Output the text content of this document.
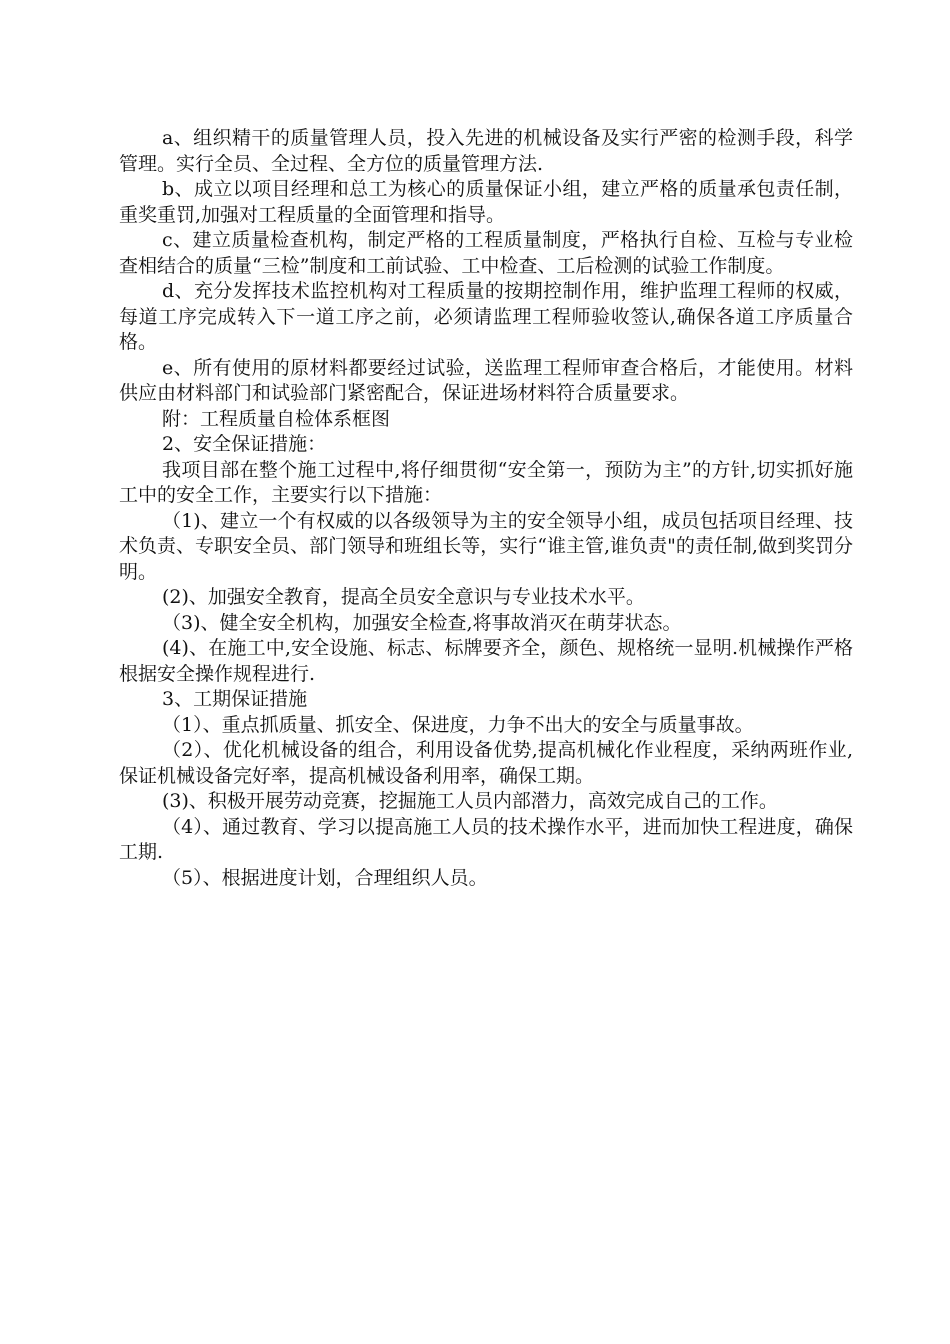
a、组织精干的质量管理人员，投入先进的机械设备及实行严密的检测手段，科学管理。实行全员、全过程、全方位的质量管理方法.

b、成立以项目经理和总工为核心的质量保证小组，建立严格的质量承包责任制，重奖重罚,加强对工程质量的全面管理和指导。

c、建立质量检查机构，制定严格的工程质量制度，严格执行自检、互检与专业检查相结合的质量“三检”制度和工前试验、工中检查、工后检测的试验工作制度。

d、充分发挥技术监控机构对工程质量的按期控制作用，维护监理工程师的权威，每道工序完成转入下一道工序之前，必须请监理工程师验收签认,确保各道工序质量合格。

e、所有使用的原材料都要经过试验，送监理工程师审查合格后，才能使用。材料供应由材料部门和试验部门紧密配合，保证进场材料符合质量要求。

附：工程质量自检体系框图

2、安全保证措施：

我项目部在整个施工过程中,将仔细贯彻“安全第一，预防为主”的方针,切实抓好施工中的安全工作，主要实行以下措施：

（1)、建立一个有权威的以各级领导为主的安全领导小组，成员包括项目经理、技术负责、专职安全员、部门领导和班组长等，实行“谁主管,谁负责"的责任制,做到奖罚分明。

(2)、加强安全教育，提高全员安全意识与专业技术水平。

（3)、健全安全机构，加强安全检查,将事故消灭在萌芽状态。

(4)、在施工中,安全设施、标志、标牌要齐全，颜色、规格统一显明.机械操作严格根据安全操作规程进行.

3、工期保证措施

（1）、重点抓质量、抓安全、保进度，力争不出大的安全与质量事故。

（2）、优化机械设备的组合，利用设备优势,提高机械化作业程度，采纳两班作业,保证机械设备完好率，提高机械设备利用率，确保工期。

(3)、积极开展劳动竞赛，挖掘施工人员内部潜力，高效完成自己的工作。

（4）、通过教育、学习以提高施工人员的技术操作水平，进而加快工程进度，确保工期.

（5）、根据进度计划，合理组织人员。
